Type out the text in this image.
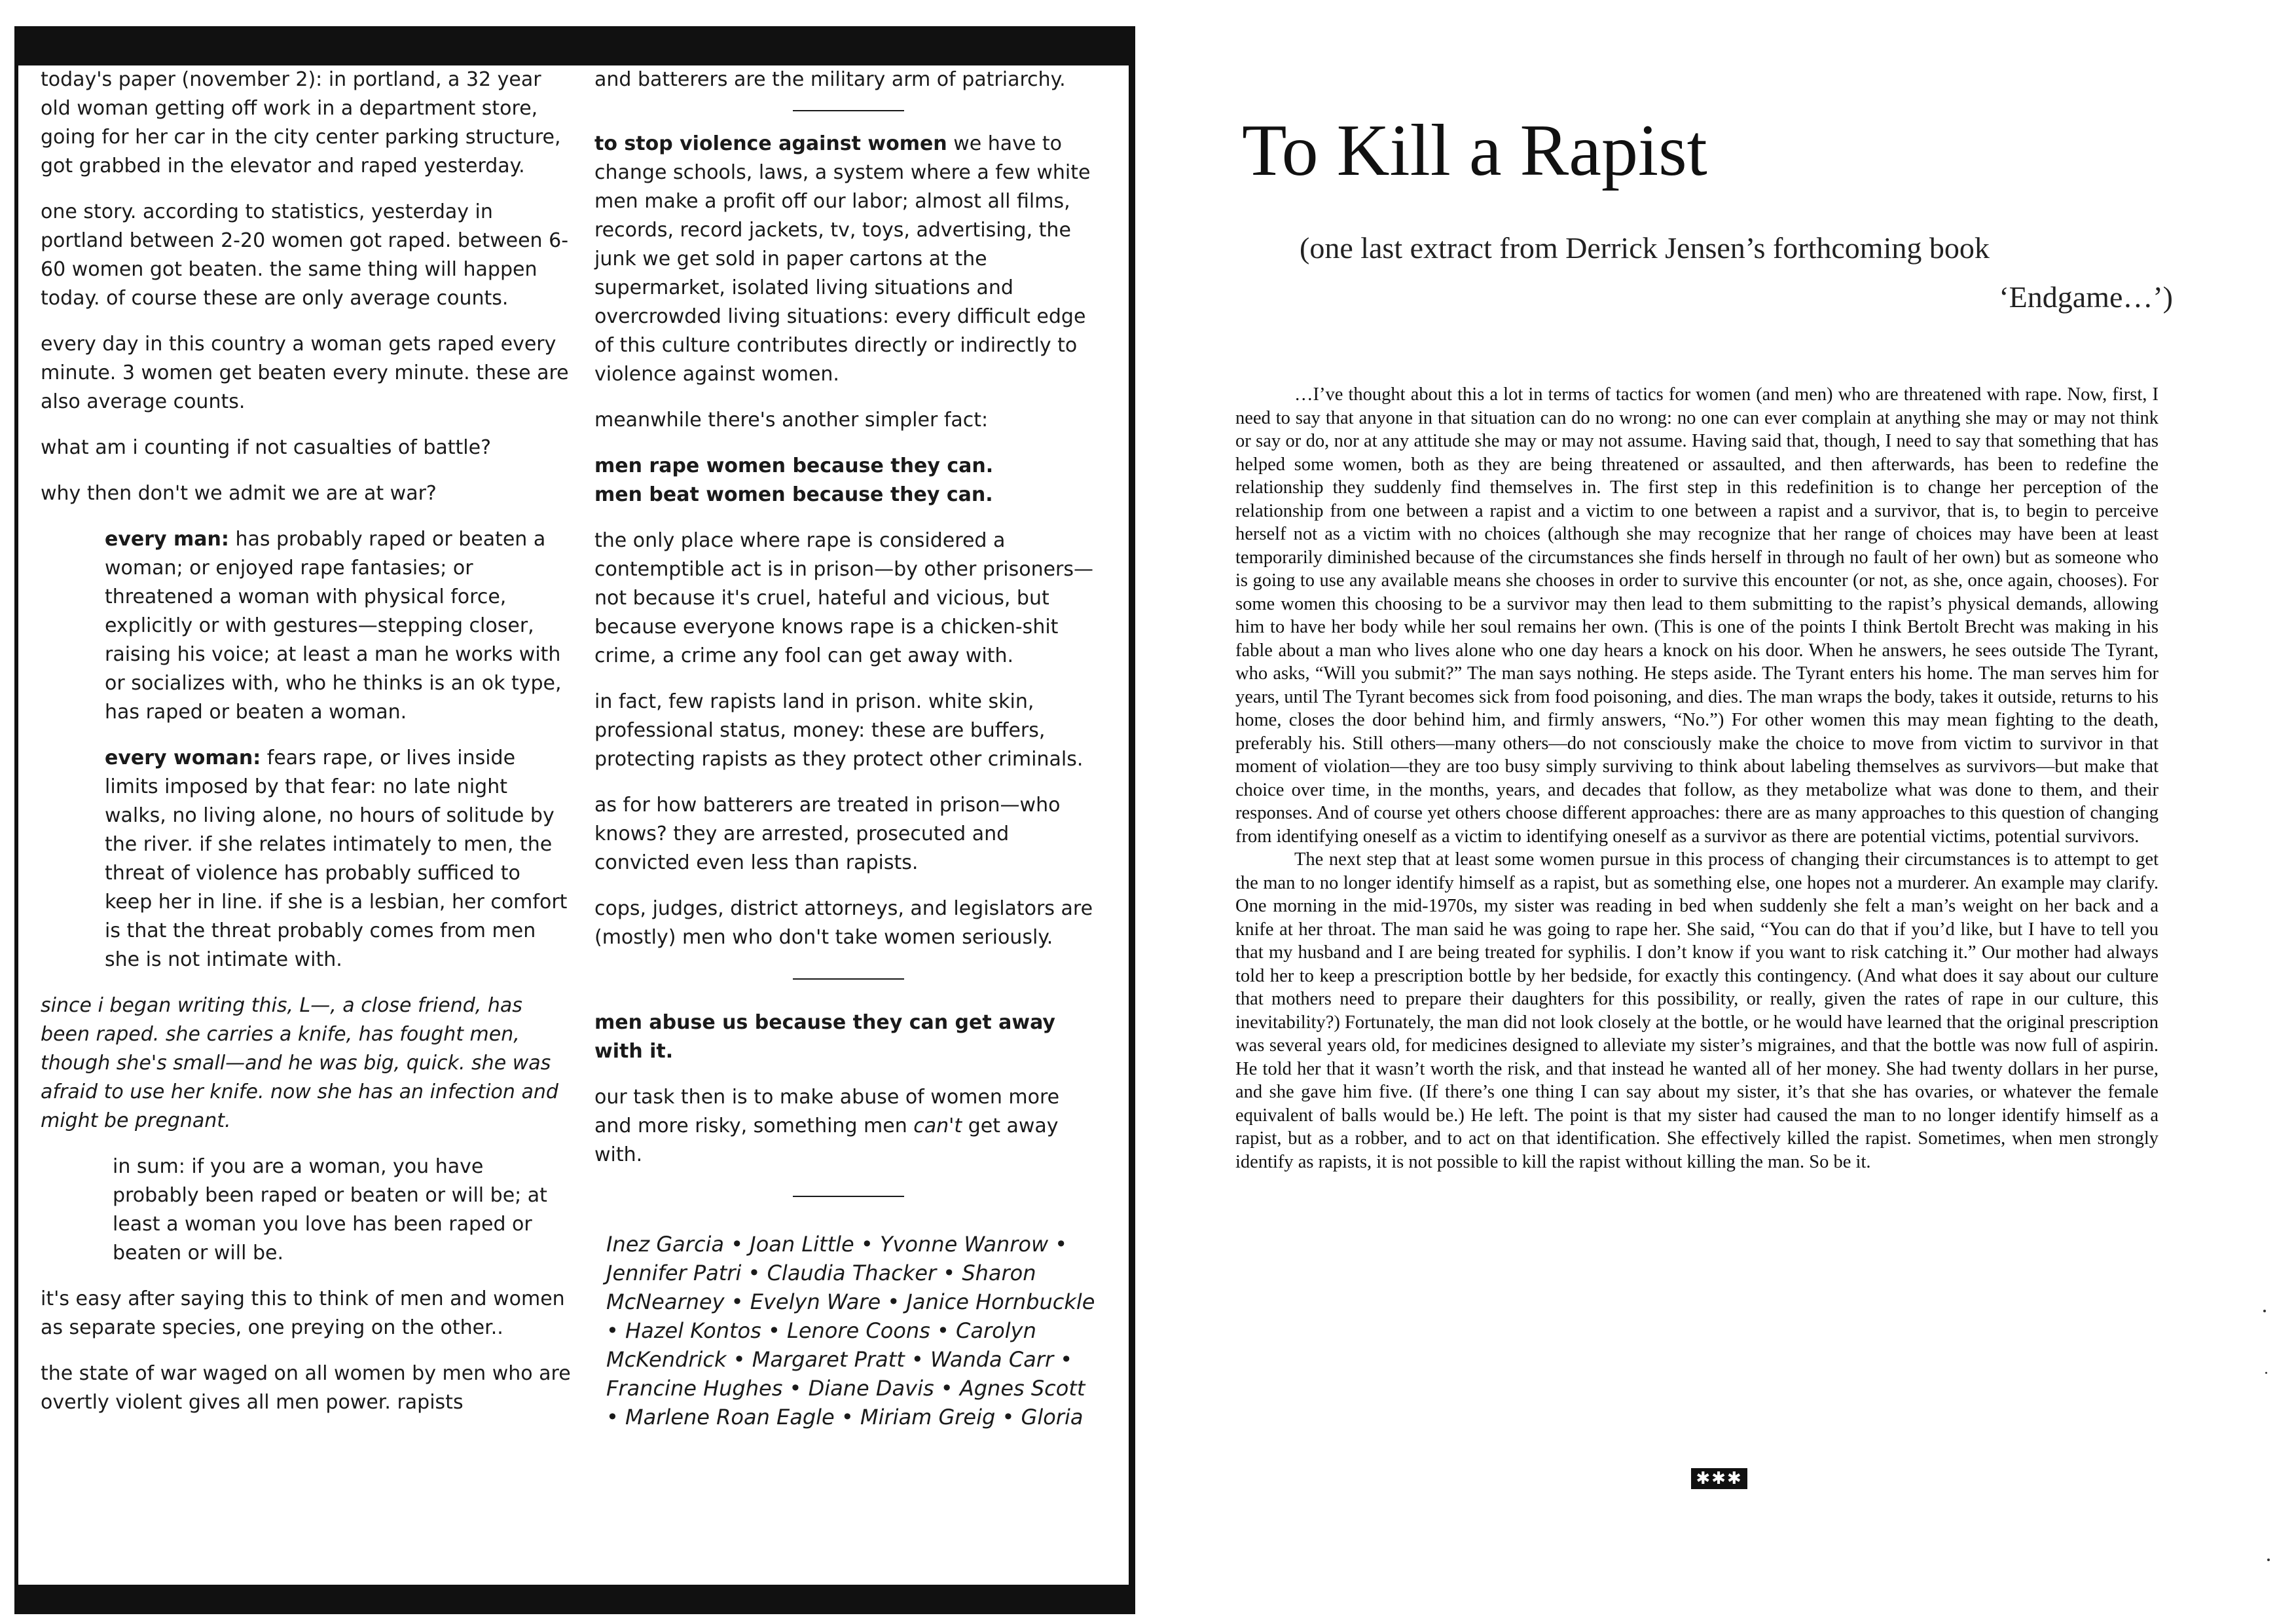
today's paper (november 2): in portland, a 32 year old woman getting off work in a department store, going for her car in the city center parking structure, got grabbed in the elevator and raped yesterday.

one story. according to statistics, yesterday in portland between 2-20 women got raped. between 6-60 women got beaten. the same thing will happen today. of course these are only average counts.

every day in this country a woman gets raped every minute. 3 women get beaten every minute. these are also average counts.

what am i counting if not casualties of battle?

why then don't we admit we are at war?

every man: has probably raped or beaten a woman; or enjoyed rape fantasies; or threatened a woman with physical force, explicitly or with gestures—stepping closer, raising his voice; at least a man he works with or socializes with, who he thinks is an ok type, has raped or beaten a woman.

every woman: fears rape, or lives inside limits imposed by that fear: no late night walks, no living alone, no hours of solitude by the river. if she relates intimately to men, the threat of violence has probably sufficed to keep her in line. if she is a lesbian, her comfort is that the threat probably comes from men she is not intimate with.

since i began writing this, L—, a close friend, has been raped. she carries a knife, has fought men, though she's small—and he was big, quick. she was afraid to use her knife. now she has an infection and might be pregnant.

in sum: if you are a woman, you have probably been raped or beaten or will be; at least a woman you love has been raped or beaten or will be.

it's easy after saying this to think of men and women as separate species, one preying on the other..

the state of war waged on all women by men who are overtly violent gives all men power. rapists

and batterers are the military arm of patriarchy.

to stop violence against women we have to change schools, laws, a system where a few white men make a profit off our labor; almost all films, records, record jackets, tv, toys, advertising, the junk we get sold in paper cartons at the supermarket, isolated living situations and overcrowded living situations: every difficult edge of this culture contributes directly or indirectly to violence against women.

meanwhile there's another simpler fact:

men rape women because they can.

men beat women because they can.

the only place where rape is considered a contemptible act is in prison—by other prisoners—not because it's cruel, hateful and vicious, but because everyone knows rape is a chicken-shit crime, a crime any fool can get away with.

in fact, few rapists land in prison. white skin, professional status, money: these are buffers, protecting rapists as they protect other criminals.

as for how batterers are treated in prison—who knows? they are arrested, prosecuted and convicted even less than rapists.

cops, judges, district attorneys, and legislators are (mostly) men who don't take women seriously.

men abuse us because they can get away with it.

our task then is to make abuse of women more and more risky, something men can't get away with.

Inez Garcia • Joan Little • Yvonne Wanrow • Jennifer Patri • Claudia Thacker • Sharon McNearney • Evelyn Ware • Janice Hornbuckle • Hazel Kontos • Lenore Coons • Carolyn McKendrick • Margaret Pratt • Wanda Carr • Francine Hughes • Diane Davis • Agnes Scott • Marlene Roan Eagle • Miriam Greig • Gloria

To Kill a Rapist
(one last extract from Derrick Jensen’s forthcoming book
‘Endgame…’)

…I’ve thought about this a lot in terms of tactics for women (and men) who are threatened with rape. Now, first, I need to say that anyone in that situation can do no wrong: no one can ever complain at anything she may or may not think or say or do, nor at any attitude she may or may not assume. Having said that, though, I need to say that something that has helped some women, both as they are being threatened or assaulted, and then afterwards, has been to redefine the relationship they suddenly find themselves in. The first step in this redefinition is to change her perception of the relationship from one between a rapist and a victim to one between a rapist and a survivor, that is, to begin to perceive herself not as a victim with no choices (although she may recognize that her range of choices may have been at least temporarily diminished because of the circumstances she finds herself in through no fault of her own) but as someone who is going to use any available means she chooses in order to survive this encounter (or not, as she, once again, chooses). For some women this choosing to be a survivor may then lead to them submitting to the rapist’s physical demands, allowing him to have her body while her soul remains her own. (This is one of the points I think Bertolt Brecht was making in his fable about a man who lives alone who one day hears a knock on his door. When he answers, he sees outside The Tyrant, who asks, “Will you submit?” The man says nothing. He steps aside. The Tyrant enters his home. The man serves him for years, until The Tyrant becomes sick from food poisoning, and dies. The man wraps the body, takes it outside, returns to his home, closes the door behind him, and firmly answers, “No.”) For other women this may mean fighting to the death, preferably his. Still others—many others—do not consciously make the choice to move from victim to survivor in that moment of violation—they are too busy simply surviving to think about labeling themselves as survivors—but make that choice over time, in the months, years, and decades that follow, as they metabolize what was done to them, and their responses. And of course yet others choose different approaches: there are as many approaches to this question of changing from identifying oneself as a victim to identifying oneself as a survivor as there are potential victims, potential survivors.

The next step that at least some women pursue in this process of changing their circumstances is to attempt to get the man to no longer identify himself as a rapist, but as something else, one hopes not a murderer. An example may clarify. One morning in the mid-1970s, my sister was reading in bed when suddenly she felt a man’s weight on her back and a knife at her throat. The man said he was going to rape her. She said, “You can do that if you’d like, but I have to tell you that my husband and I are being treated for syphilis. I don’t know if you want to risk catching it.” Our mother had always told her to keep a prescription bottle by her bedside, for exactly this contingency. (And what does it say about our culture that mothers need to prepare their daughters for this possibility, or really, given the rates of rape in our culture, this inevitability?) Fortunately, the man did not look closely at the bottle, or he would have learned that the original prescription was several years old, for medicines designed to alleviate my sister’s migraines, and that the bottle was now full of aspirin. He told her that it wasn’t worth the risk, and that instead he wanted all of her money. She had twenty dollars in her purse, and she gave him five. (If there’s one thing I can say about my sister, it’s that she has ovaries, or whatever the female equivalent of balls would be.) He left. The point is that my sister had caused the man to no longer identify himself as a rapist, but as a robber, and to act on that identification. She effectively killed the rapist. Sometimes, when men strongly identify as rapists, it is not possible to kill the rapist without killing the man. So be it.

✱✱✱
